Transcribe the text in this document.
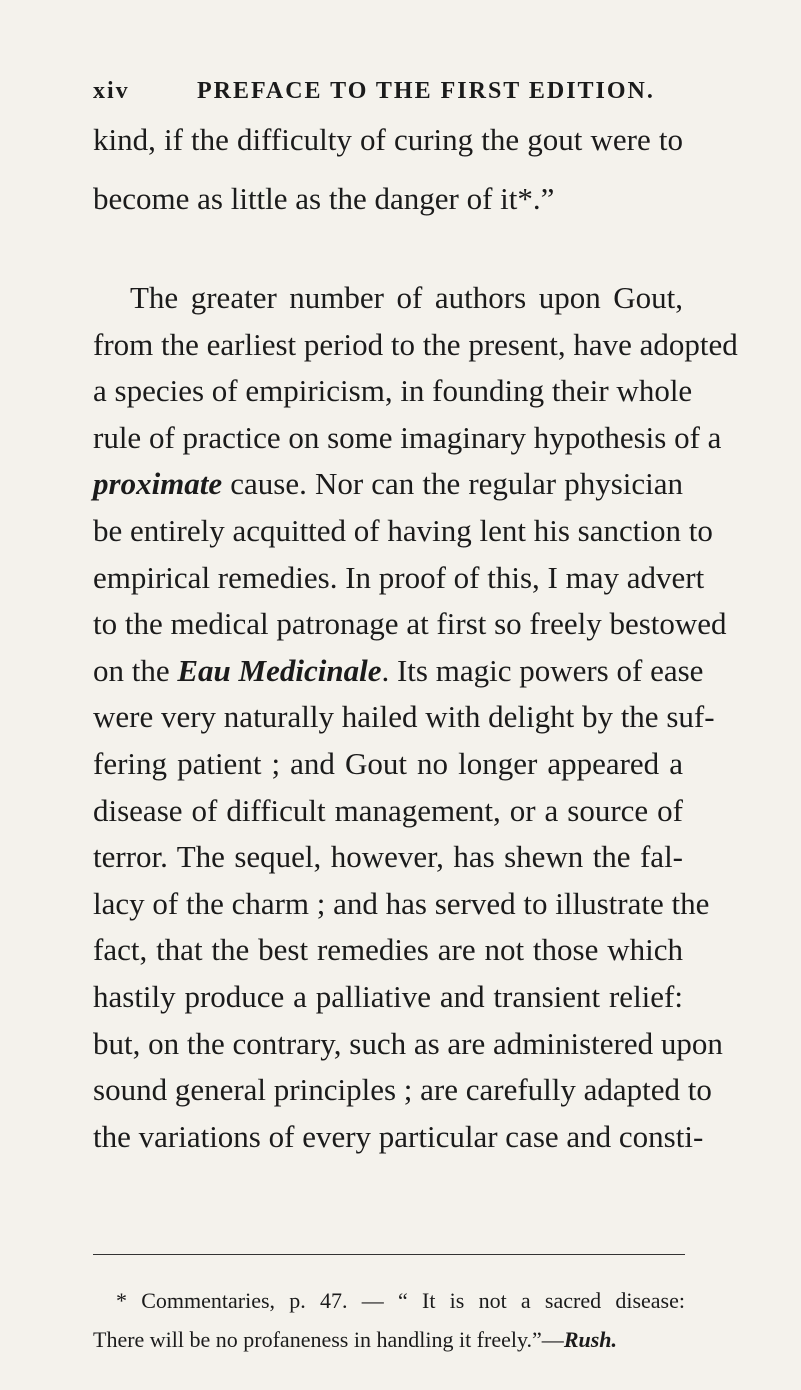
xiv	PREFACE TO THE FIRST EDITION.
kind, if the difficulty of curing the gout were to
become as little as the danger of it*.”
The greater number of authors upon Gout,
from the earliest period to the present, have adopted
a species of empiricism, in founding their whole
rule of practice on some imaginary hypothesis of a
proximate cause. Nor can the regular physician
be entirely acquitted of having lent his sanction to
empirical remedies. In proof of this, I may advert
to the medical patronage at first so freely bestowed
on the Eau Medicinale. Its magic powers of ease
were very naturally hailed with delight by the suf-
fering patient ; and Gout no longer appeared a
disease of difficult management, or a source of
terror. The sequel, however, has shewn the fal-
lacy of the charm ; and has served to illustrate the
fact, that the best remedies are not those which
hastily produce a palliative and transient relief:
but, on the contrary, such as are administered upon
sound general principles ; are carefully adapted to
the variations of every particular case and consti-
* Commentaries, p. 47. — “ It is not a sacred disease:
There will be no profaneness in handling it freely.”—Rush.
